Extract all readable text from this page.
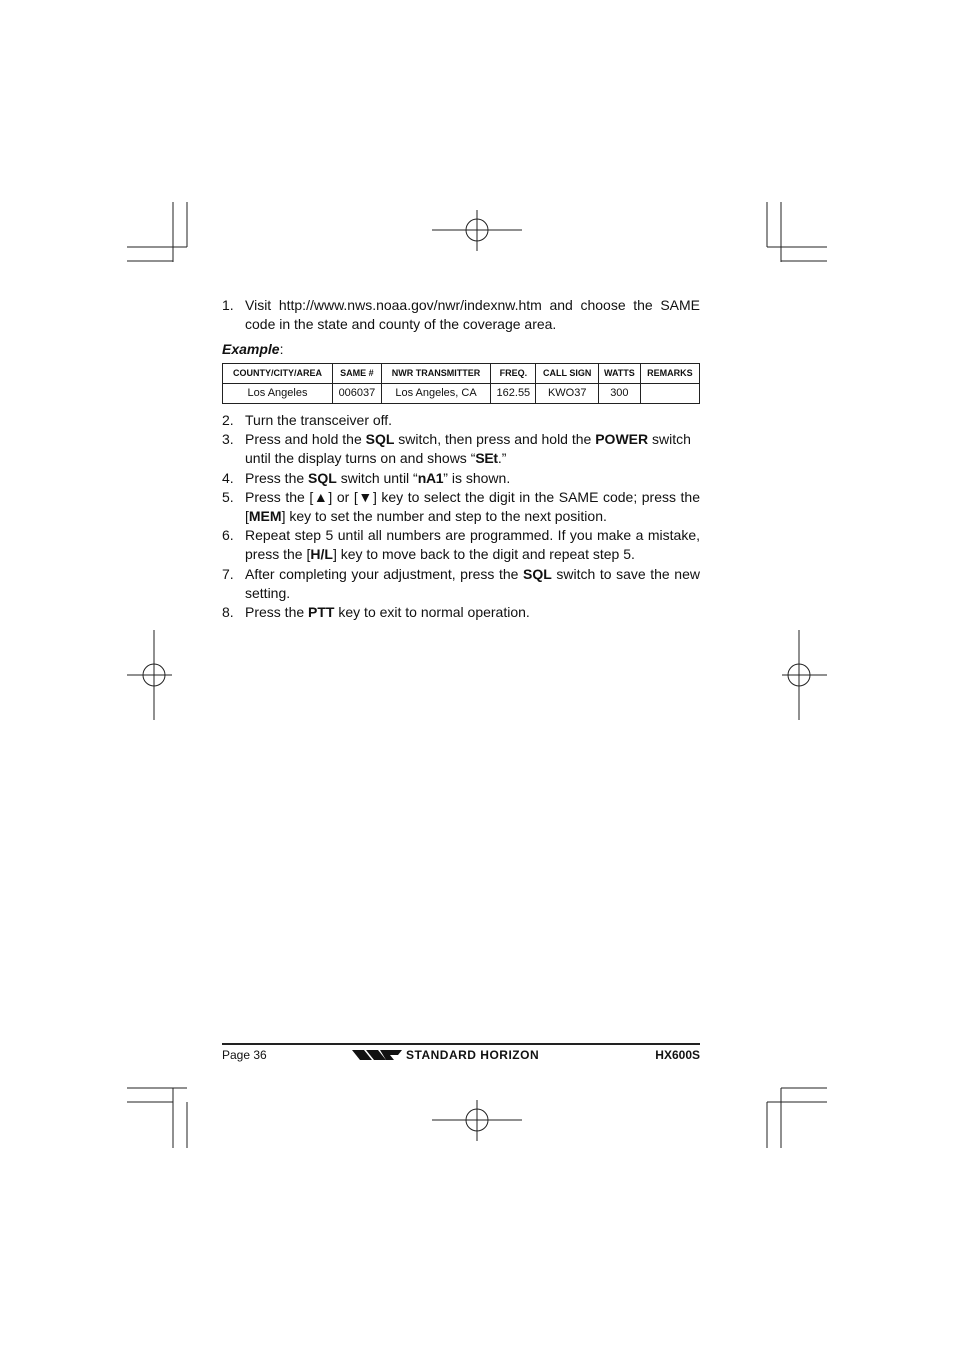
1. Visit http://www.nws.noaa.gov/nwr/indexnw.htm and choose the SAME code in the state and county of the coverage area.
Example:
COUNTY/CITY/AREA	SAME #	NWR TRANSMITTER	FREQ.	CALL SIGN	WATTS	REMARKS
Los Angeles	006037	Los Angeles, CA	162.55	KWO37	300	
2. Turn the transceiver off.
3. Press and hold the SQL switch, then press and hold the POWER switch until the display turns on and shows “SEt.”
4. Press the SQL switch until “nA1” is shown.
5. Press the [▲] or [▼] key to select the digit in the SAME code; press the [MEM] key to set the number and step to the next position.
6. Repeat step 5 until all numbers are programmed. If you make a mistake, press the [H/L] key to move back to the digit and repeat step 5.
7. After completing your adjustment, press the SQL switch to save the new setting.
8. Press the PTT key to exit to normal operation.
Page 36	STANDARD HORIZON	HX600S
